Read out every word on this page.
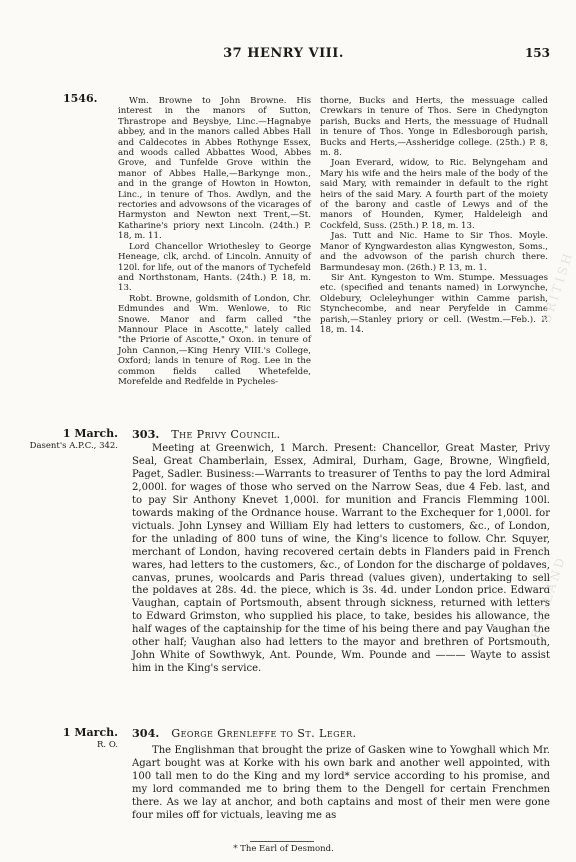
37 HENRY VIII.	153
1546.	Wm. Browne to John Browne. His interest in the manors of Sutton, Thrastrope and Beysbye, Linc.—Hagnabye abbey, and in the manors called Abbes Hall and Caldecotes in Abbes Rothynge Essex, and woods called Abbattes Wood, Abbes Grove, and Tunfelde Grove within the manor of Abbes Halle,—Barkynge mon., and in the grange of Howton in Howton, Linc., in tenure of Thos. Awdlyn, and the rectories and advowsons of the vicarages of Harmyston and Newton next Trent,—St. Katharine's priory next Lincoln. (24th.) P. 18, m. 11.

Lord Chancellor Wriothesley to George Heneage, clk, archd. of Lincoln. Annuity of 120l. for life, out of the manors of Tychefeld and Northstonam, Hants. (24th.) P. 18, m. 13.

Robt. Browne, goldsmith of London, Chr. Edmundes and Wm. Wenlowe, to Ric Snowe. Manor and farm called "the Mannour Place in Ascotte," lately called "the Priorie of Ascotte," Oxon. in tenure of John Cannon,—King Henry VIII.'s College, Oxford; lands in tenure of Rog. Lee in the common fields called Whetefelde, Morefelde and Redfelde in Pycheles-

thorne, Bucks and Herts, the messuage called Crewkars in tenure of Thos. Sere in Chedyngton parish, Bucks and Herts, the messuage of Hudnall in tenure of Thos. Yonge in Edlesborough parish, Bucks and Herts,—Assheridge college. (25th.) P. 8, m. 8.

Joan Everard, widow, to Ric. Belyngeham and Mary his wife and the heirs male of the body of the said Mary, with remainder in default to the right heirs of the said Mary. A fourth part of the moiety of the barony and castle of Lewys and of the manors of Hounden, Kymer, Haldeleigh and Cockfeld, Suss. (25th.) P. 18, m. 13.

Jas. Tutt and Nic. Hame to Sir Thos. Moyle. Manor of Kyngwardeston alias Kyngweston, Soms., and the advowson of the parish church there. Barmundesay mon. (26th.) P. 13, m. 1.

Sir Ant. Kyngeston to Wm. Stumpe. Messuages etc. (specified and tenants named) in Lorwynche, Oldebury, Ocleleyhunger within Camme parish, Stynchecombe, and near Peryfelde in Camme parish,—Stanley priory or cell. (Westm.—Feb.). P. 18, m. 14.

1 March.
Dasent's A.P.C., 342.
303. The Privy Council.

Meeting at Greenwich, 1 March. Present: Chancellor, Great Master, Privy Seal, Great Chamberlain, Essex, Admiral, Durham, Gage, Browne, Wingfield, Paget, Sadler. Business:—Warrants to treasurer of Tenths to pay the lord Admiral 2,000l. for wages of those who served on the Narrow Seas, due 4 Feb. last, and to pay Sir Anthony Knevet 1,000l. for munition and Francis Flemming 100l. towards making of the Ordnance house. Warrant to the Exchequer for 1,000l. for victuals. John Lynsey and William Ely had letters to customers, &c., of London, for the unlading of 800 tuns of wine, the King's licence to follow. Chr. Squyer, merchant of London, having recovered certain debts in Flanders paid in French wares, had letters to the customers, &c., of London for the discharge of poldaves, canvas, prunes, woolcards and Paris thread (values given), undertaking to sell the poldaves at 28s. 4d. the piece, which is 3s. 4d. under London price. Edward Vaughan, captain of Portsmouth, absent through sickness, returned with letters to Edward Grimston, who supplied his place, to take, besides his allowance, the half wages of the captainship for the time of his being there and pay Vaughan the other half; Vaughan also had letters to the mayor and brethren of Portsmouth, John White of Sowthwyk, Ant. Pounde, Wm. Pounde and ——— Wayte to assist him in the King's service.

1 March.
R. O.
304. George Grenleffe to St. Leger.

The Englishman that brought the prize of Gasken wine to Yowghall which Mr. Agart bought was at Korke with his own bark and another well appointed, with 100 tall men to do the King and my lord* service according to his promise, and my lord commanded me to bring them to the Dengell for certain Frenchmen there. As we lay at anchor, and both captains and most of their men were gone four miles off for victuals, leaving me as

* The Earl of Desmond.
BRITISH
ENGLAND
